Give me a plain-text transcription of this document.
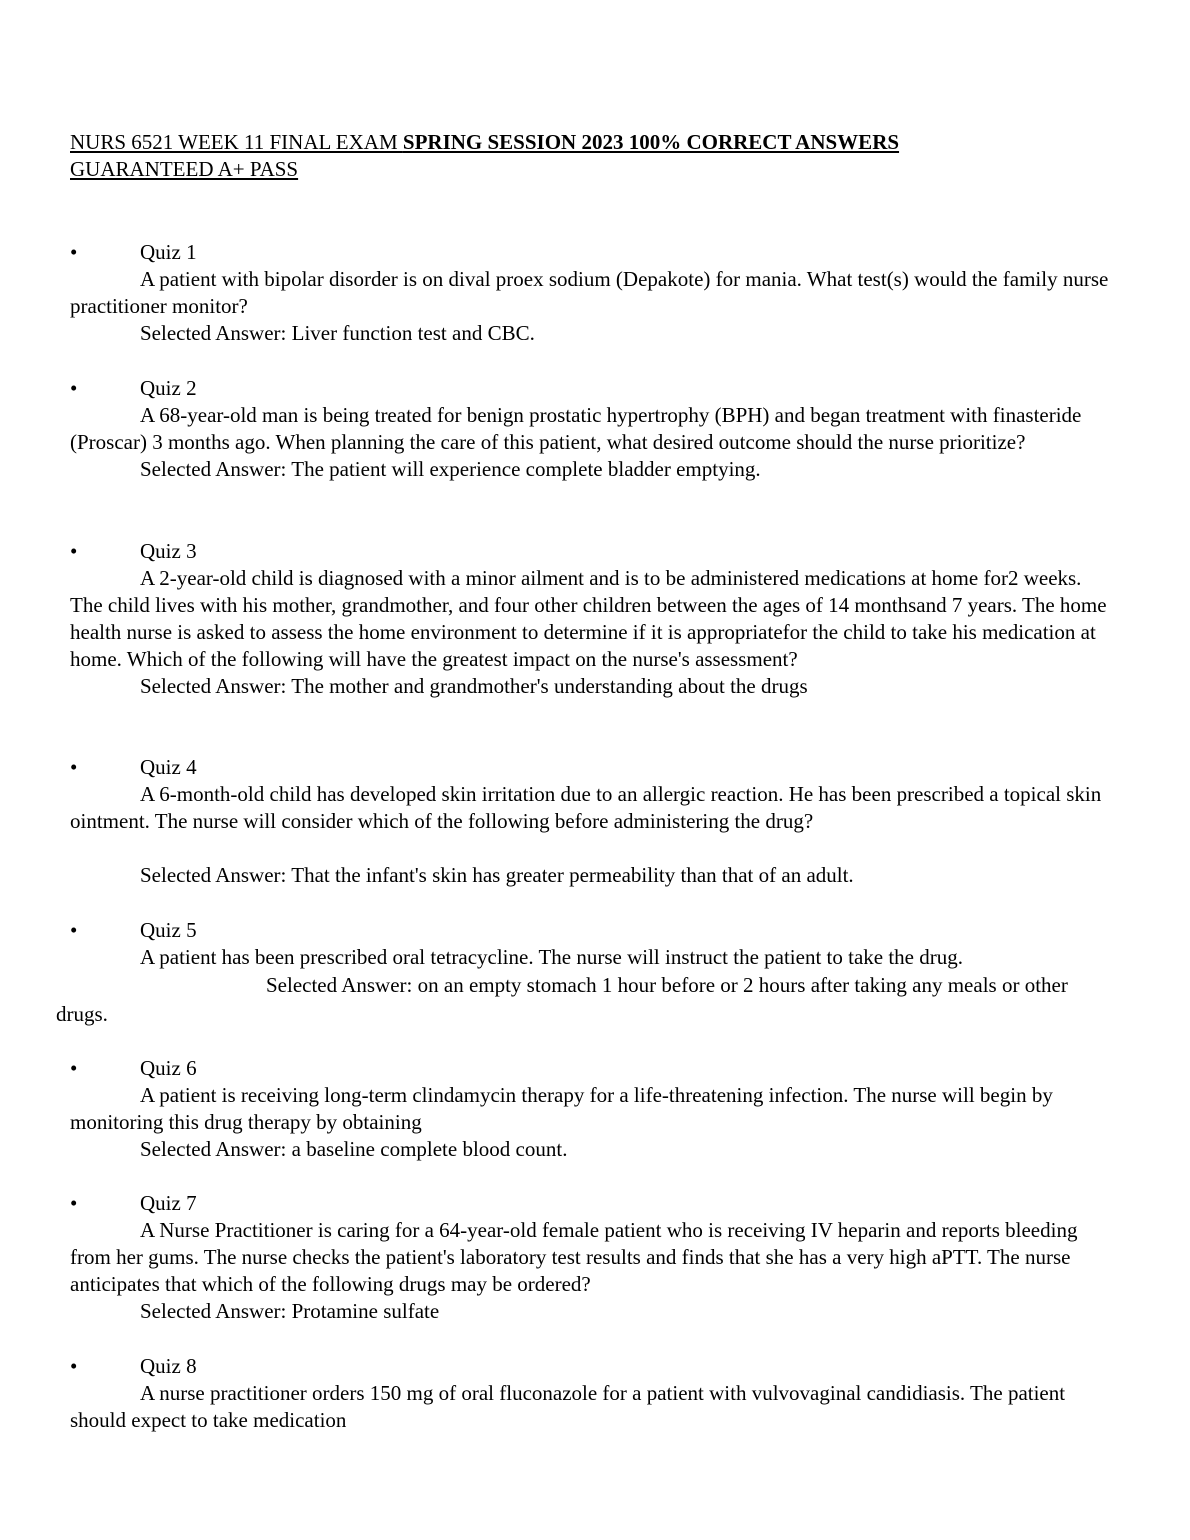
NURS 6521 WEEK 11 FINAL EXAM SPRING SESSION 2023 100% CORRECT ANSWERS
GUARANTEED A+ PASS
•	Quiz 1

A patient with bipolar disorder is on dival proex sodium (Depakote) for mania. What test(s) would the family nurse practitioner monitor?

Selected Answer: Liver function test and CBC.

•	Quiz 2

A 68-year-old man is being treated for benign prostatic hypertrophy (BPH) and began treatment with finasteride (Proscar) 3 months ago. When planning the care of this patient, what desired outcome should the nurse prioritize?

Selected Answer: The patient will experience complete bladder emptying.

•	Quiz 3

A 2-year-old child is diagnosed with a minor ailment and is to be administered medications at home for2 weeks. The child lives with his mother, grandmother, and four other children between the ages of 14 monthsand 7 years. The home health nurse is asked to assess the home environment to determine if it is appropriatefor the child to take his medication at home. Which of the following will have the greatest impact on the nurse's assessment?

Selected Answer: The mother and grandmother's understanding about the drugs

•	Quiz 4

A 6-month-old child has developed skin irritation due to an allergic reaction. He has been prescribed a topical skin ointment. The nurse will consider which of the following before administering the drug?

Selected Answer: That the infant's skin has greater permeability than that of an adult.

•	Quiz 5

A patient has been prescribed oral tetracycline. The nurse will instruct the patient to take the drug.

Selected Answer: on an empty stomach 1 hour before or 2 hours after taking any meals or other drugs.

•	Quiz 6

A patient is receiving long-term clindamycin therapy for a life-threatening infection. The nurse will begin by monitoring this drug therapy by obtaining

Selected Answer: a baseline complete blood count.

•	Quiz 7

A Nurse Practitioner is caring for a 64-year-old female patient who is receiving IV heparin and reports bleeding from her gums. The nurse checks the patient's laboratory test results and finds that she has a very high aPTT. The nurse anticipates that which of the following drugs may be ordered?

Selected Answer: Protamine sulfate

•	Quiz 8

A nurse practitioner orders 150 mg of oral fluconazole for a patient with vulvovaginal candidiasis. The patient should expect to take medication
